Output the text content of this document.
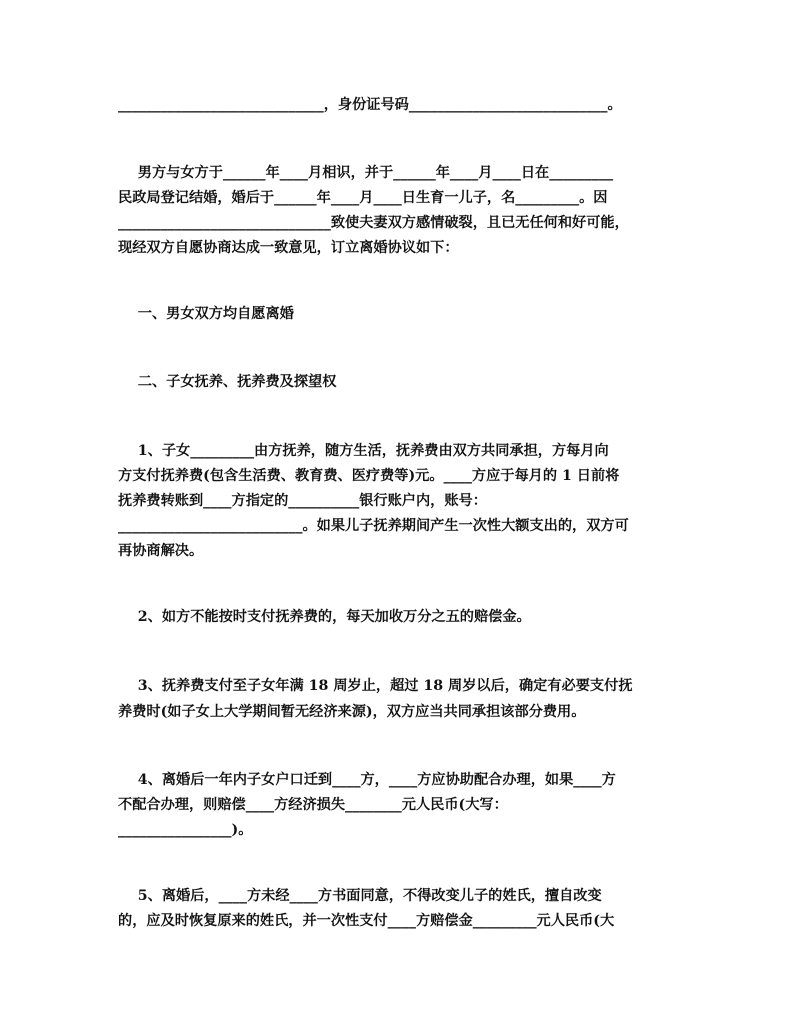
_____________________________，身份证号码____________________________。
男方与女方于______年____月相识，并于______年____月____日在_________
民政局登记结婚，婚后于______年____月____日生育一儿子，名_________。因
______________________________致使夫妻双方感情破裂，且已无任何和好可能，
现经双方自愿协商达成一致意见，订立离婚协议如下：
一、男女双方均自愿离婚
二、子女抚养、抚养费及探望权
1、子女_________由方抚养，随方生活，抚养费由双方共同承担，方每月向
方支付抚养费(包含生活费、教育费、医疗费等)元。____方应于每月的 1 日前将
抚养费转账到____方指定的__________银行账户内，账号：
__________________________。如果儿子抚养期间产生一次性大额支出的，双方可
再协商解决。
2、如方不能按时支付抚养费的，每天加收万分之五的赔偿金。
3、抚养费支付至子女年满 18 周岁止，超过 18 周岁以后，确定有必要支付抚
养费时(如子女上大学期间暂无经济来源)，双方应当共同承担该部分费用。
4、离婚后一年内子女户口迁到____方，____方应协助配合办理，如果____方
不配合办理，则赔偿____方经济损失________元人民币(大写：
________________)。
5、离婚后，____方未经____方书面同意，不得改变儿子的姓氏，擅自改变
的，应及时恢复原来的姓氏，并一次性支付____方赔偿金_________元人民币(大
